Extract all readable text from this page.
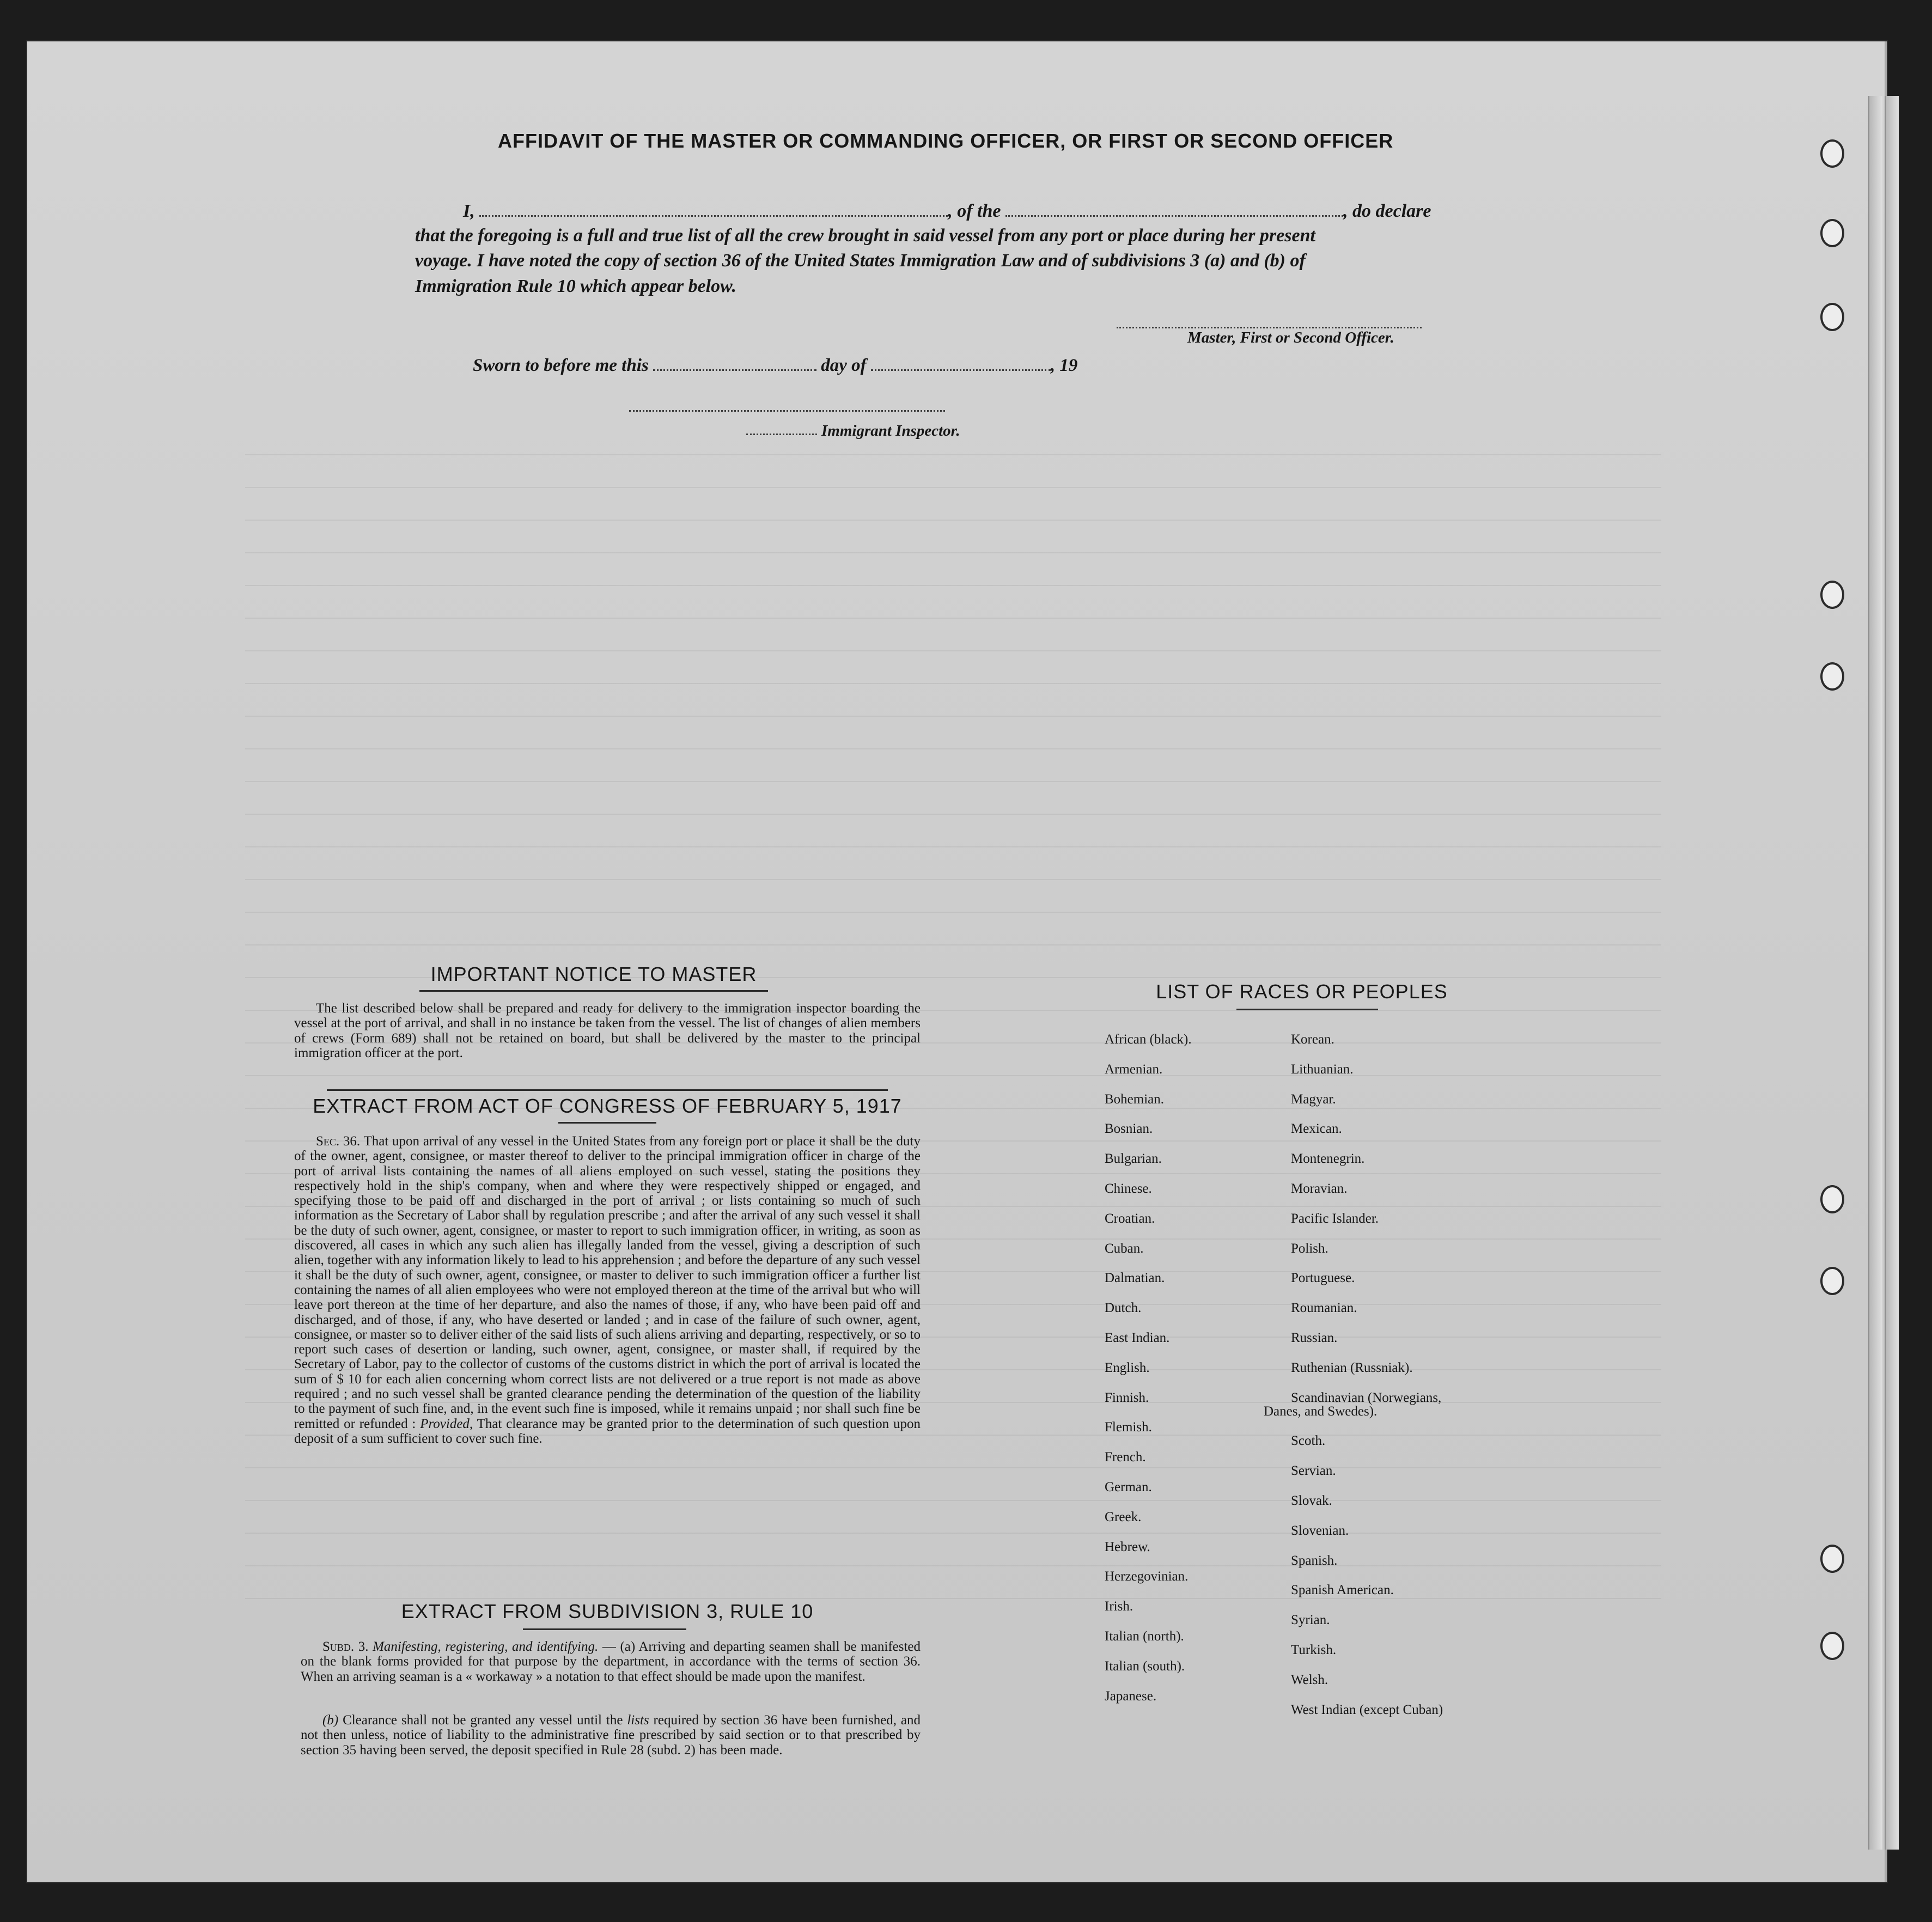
AFFIDAVIT OF THE MASTER OR COMMANDING OFFICER, OR FIRST OR SECOND OFFICER
I,	, of the	, do declare
that the foregoing is a full and true list of all the crew brought in said vessel from any port or place during her present
voyage. I have noted the copy of section 36 of the United States Immigration Law and of subdivisions 3 (a) and (b) of
Immigration Rule 10 which appear below.
Master, First or Second Officer.
Sworn to before me this	day of	, 19
Immigrant Inspector.
IMPORTANT NOTICE TO MASTER
The list described below shall be prepared and ready for delivery to the immigration inspector boarding the vessel at the port of arrival, and shall in no instance be taken from the vessel. The list of changes of alien members of crews (Form 689) shall not be retained on board, but shall be delivered by the master to the principal immigration officer at the port.
EXTRACT FROM ACT OF CONGRESS OF FEBRUARY 5, 1917
Sec. 36. That upon arrival of any vessel in the United States from any foreign port or place it shall be the duty of the owner, agent, consignee, or master thereof to deliver to the principal immigration officer in charge of the port of arrival lists containing the names of all aliens employed on such vessel, stating the positions they respectively hold in the ship's company, when and where they were respectively shipped or engaged, and specifying those to be paid off and discharged in the port of arrival ; or lists containing so much of such information as the Secretary of Labor shall by regulation prescribe ; and after the arrival of any such vessel it shall be the duty of such owner, agent, consignee, or master to report to such immigration officer, in writing, as soon as discovered, all cases in which any such alien has illegally landed from the vessel, giving a description of such alien, together with any information likely to lead to his apprehension ; and before the departure of any such vessel it shall be the duty of such owner, agent, consignee, or master to deliver to such immigration officer a further list containing the names of all alien employees who were not employed thereon at the time of the arrival but who will leave port thereon at the time of her departure, and also the names of those, if any, who have been paid off and discharged, and of those, if any, who have deserted or landed ; and in case of the failure of such owner, agent, consignee, or master so to deliver either of the said lists of such aliens arriving and departing, respectively, or so to report such cases of desertion or landing, such owner, agent, consignee, or master shall, if required by the Secretary of Labor, pay to the collector of customs of the customs district in which the port of arrival is located the sum of $ 10 for each alien concerning whom correct lists are not delivered or a true report is not made as above required ; and no such vessel shall be granted clearance pending the determination of the question of the liability to the payment of such fine, and, in the event such fine is imposed, while it remains unpaid ; nor shall such fine be remitted or refunded : Provided, That clearance may be granted prior to the determination of such question upon deposit of a sum sufficient to cover such fine.
EXTRACT FROM SUBDIVISION 3, RULE 10
Subd. 3. Manifesting, registering, and identifying. — (a) Arriving and departing seamen shall be manifested on the blank forms provided for that purpose by the department, in accordance with the terms of section 36. When an arriving seaman is a « workaway » a notation to that effect should be made upon the manifest.
(b) Clearance shall not be granted any vessel until the lists required by section 36 have been furnished, and not then unless, notice of liability to the administrative fine prescribed by said section or to that prescribed by section 35 having been served, the deposit specified in Rule 28 (subd. 2) has been made.
LIST OF RACES OR PEOPLES
African (black).
Armenian.
Bohemian.
Bosnian.
Bulgarian.
Chinese.
Croatian.
Cuban.
Dalmatian.
Dutch.
East Indian.
English.
Finnish.
Flemish.
French.
German.
Greek.
Hebrew.
Herzegovinian.
Irish.
Italian (north).
Italian (south).
Japanese.
Korean.
Lithuanian.
Magyar.
Mexican.
Montenegrin.
Moravian.
Pacific Islander.
Polish.
Portuguese.
Roumanian.
Russian.
Ruthenian (Russniak).
Scandinavian (Norwegians,
Danes, and Swedes).
Scoth.
Servian.
Slovak.
Slovenian.
Spanish.
Spanish American.
Syrian.
Turkish.
Welsh.
West Indian (except Cuban)
